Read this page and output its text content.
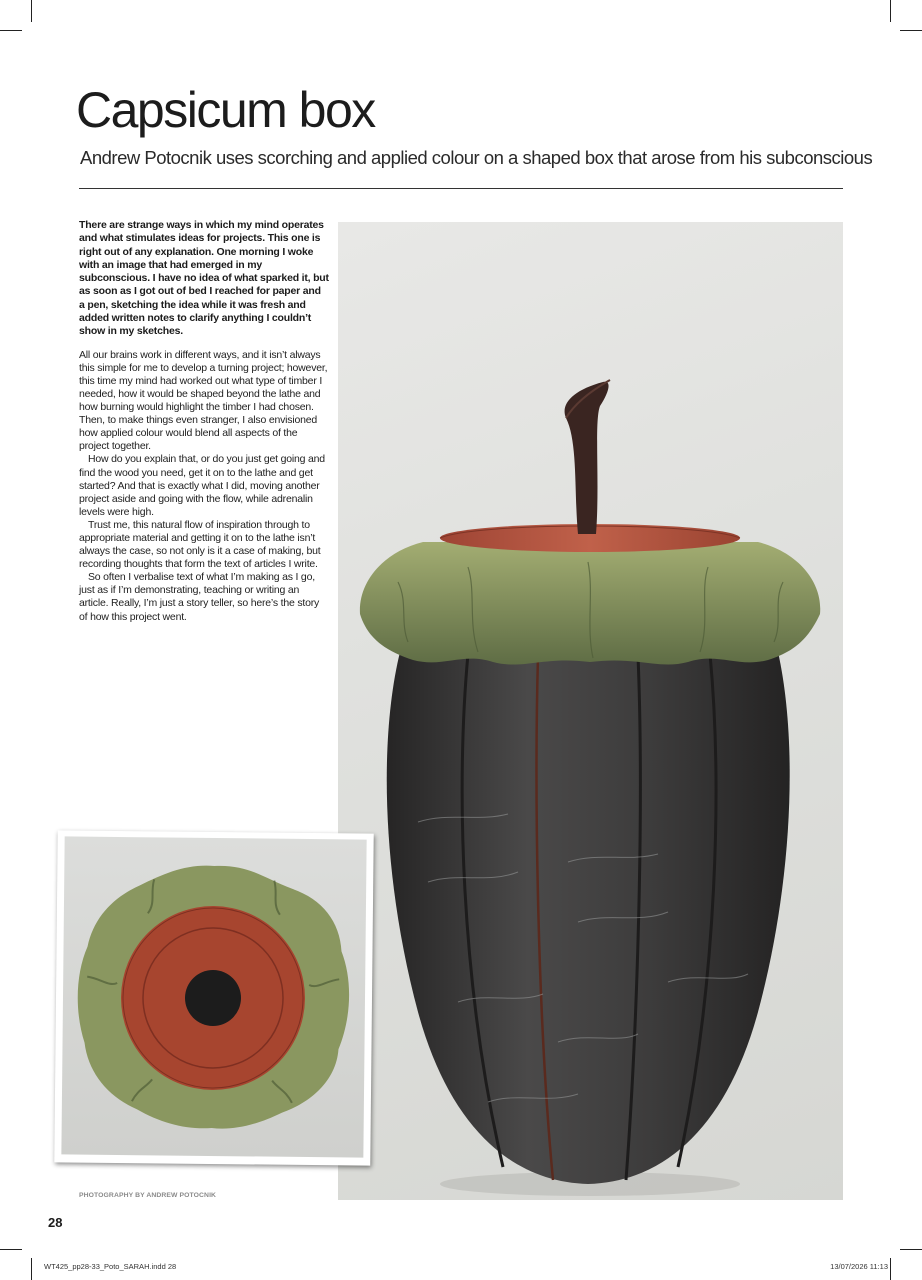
Capsicum box

Andrew Potocnik uses scorching and applied colour on a shaped box that arose from his subconscious

There are strange ways in which my mind operates and what stimulates ideas for projects. This one is right out of any explanation. One morning I woke with an image that had emerged in my subconscious. I have no idea of what sparked it, but as soon as I got out of bed I reached for paper and a pen, sketching the idea while it was fresh and added written notes to clarify anything I couldn’t show in my sketches.

All our brains work in different ways, and it isn’t always this simple for me to develop a turning project; however, this time my mind had worked out what type of timber I needed, how it would be shaped beyond the lathe and how burning would highlight the timber I had chosen. Then, to make things even stranger, I also envisioned how applied colour would blend all aspects of the project together.

How do you explain that, or do you just get going and find the wood you need, get it on to the lathe and get started? And that is exactly what I did, moving another project aside and going with the flow, while adrenalin levels were high.

Trust me, this natural flow of inspiration through to appropriate material and getting it on to the lathe isn’t always the case, so not only is it a case of making, but recording thoughts that form the text of articles I write.

So often I verbalise text of what I’m making as I go, just as if I’m demonstrating, teaching or writing an article. Really, I’m just a story teller, so here’s the story of how this project went.

PHOTOGRAPHY BY ANDREW POTOCNIK

28

WT425_pp28-33_Poto_SARAH.indd 28	13/07/2026 11:13
